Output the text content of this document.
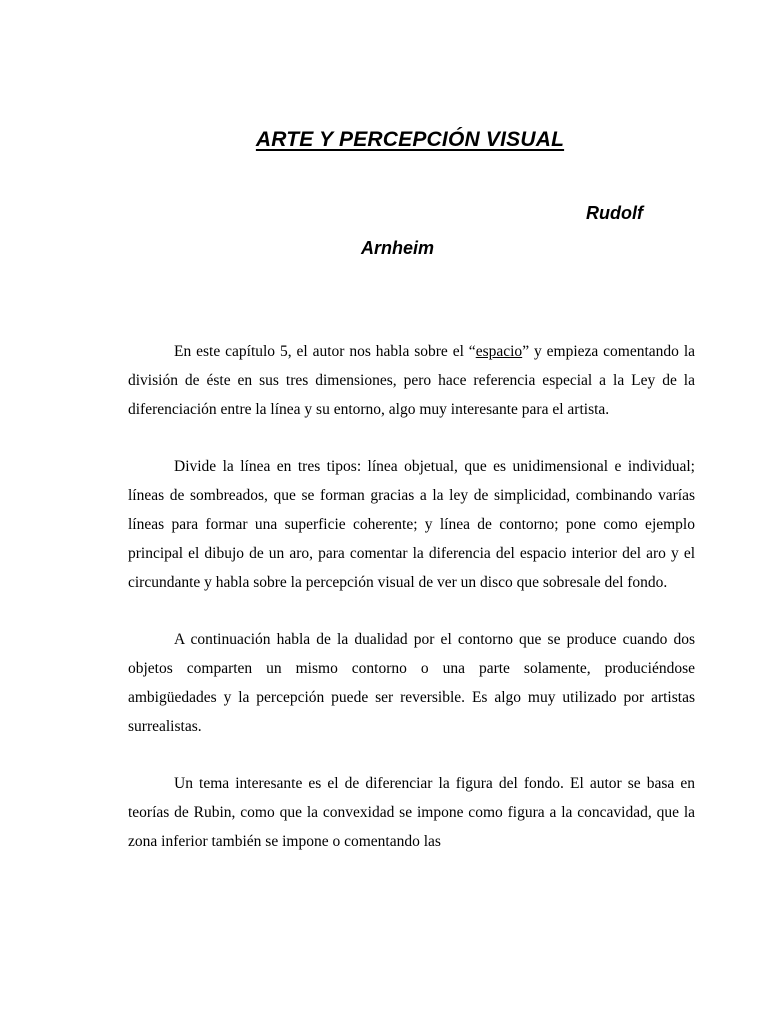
ARTE Y PERCEPCIÓN VISUAL
Rudolf
Arnheim

En este capítulo 5, el autor nos habla sobre el “espacio” y empieza comentando la división de éste en sus tres dimensiones, pero hace referencia especial a la Ley de la diferenciación entre la línea y su entorno, algo muy interesante para el artista.

Divide la línea en tres tipos: línea objetual, que es unidimensional e individual; líneas de sombreados, que se forman gracias a la ley de simplicidad, combinando varías líneas para formar una superficie coherente; y línea de contorno; pone como ejemplo principal el dibujo de un aro, para comentar la diferencia del espacio interior del aro y el circundante y habla sobre la percepción visual de ver un disco que sobresale del fondo.

A continuación habla de la dualidad por el contorno que se produce cuando dos objetos comparten un mismo contorno o una parte solamente, produciéndose ambigüedades y la percepción puede ser reversible. Es algo muy utilizado por artistas surrealistas.

Un tema interesante es el de diferenciar la figura del fondo. El autor se basa en teorías de Rubin, como que la convexidad se impone como figura a la concavidad, que la zona inferior también se impone o comentando las
